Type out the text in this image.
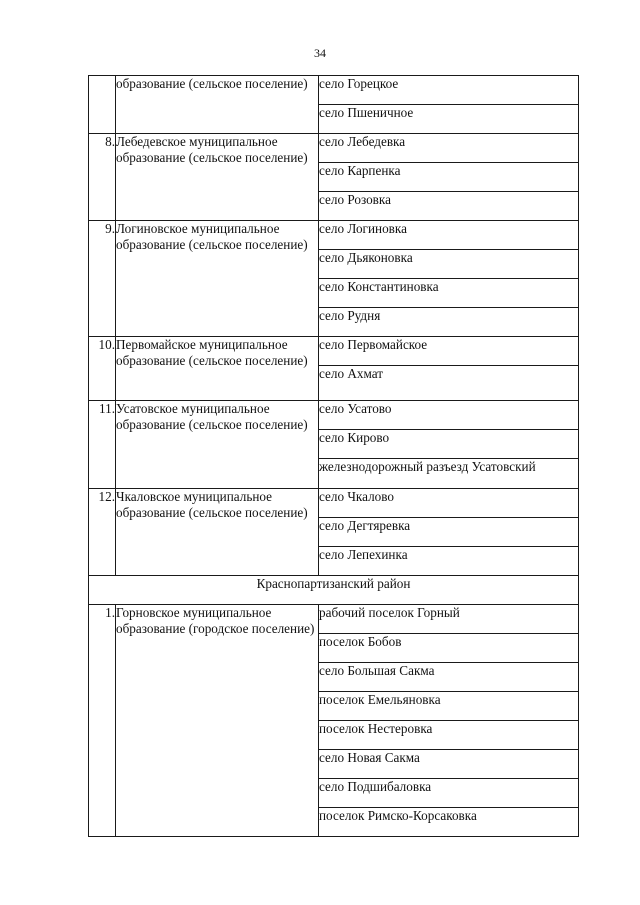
34
	образование (сельское поселение)	село Горецкое
		село Пшеничное
8.	Лебедевское муниципальное образование (сельское поселение)	село Лебедевка
		село Карпенка
		село Розовка
9.	Логиновское муниципальное образование (сельское поселение)	село Логиновка
		село Дьяконовка
		село Константиновка
		село Рудня
10.	Первомайское муниципальное образование (сельское поселение)	село Первомайское
		село Ахмат
11.	Усатовское муниципальное образование (сельское поселение)	село Усатово
		село Кирово
		железнодорожный разъезд Усатовский
12.	Чкаловское муниципальное образование (сельское поселение)	село Чкалово
		село Дегтяревка
		село Лепехинка
Краснопартизанский район		
1.	Горновское муниципальное образование (городское поселение)	рабочий поселок Горный
		поселок Бобов
		село Большая Сакма
		поселок Емельяновка
		поселок Нестеровка
		село Новая Сакма
		село Подшибаловка
		поселок Римско-Корсаковка
